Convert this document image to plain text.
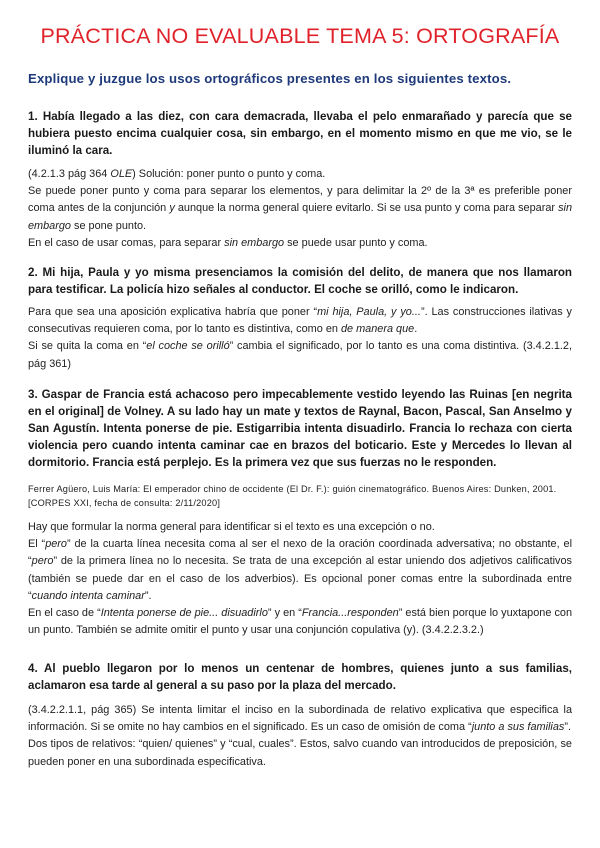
PRÁCTICA NO EVALUABLE TEMA 5: ORTOGRAFÍA
Explique y juzgue los usos ortográficos presentes en los siguientes textos.
1. Había llegado a las diez, con cara demacrada, llevaba el pelo enmarañado y parecía que se hubiera puesto encima cualquier cosa, sin embargo, en el momento mismo en que me vio, se le iluminó la cara.

(4.2.1.3 pág 364 OLE) Solución: poner punto o punto y coma.

Se puede poner punto y coma para separar los elementos, y para delimitar la 2º de la 3ª es preferible poner coma antes de la conjunción y aunque la norma general quiere evitarlo. Si se usa punto y coma para separar sin embargo se pone punto.

En el caso de usar comas, para separar sin embargo se puede usar punto y coma.

2. Mi hija, Paula y yo misma presenciamos la comisión del delito, de manera que nos llamaron para testificar. La policía hizo señales al conductor. El coche se orilló, como le indicaron.

Para que sea una aposición explicativa habría que poner “mi hija, Paula, y yo...”. Las construcciones ilativas y consecutivas requieren coma, por lo tanto es distintiva, como en de manera que.

Si se quita la coma en “el coche se orilló” cambia el significado, por lo tanto es una coma distintiva. (3.4.2.1.2, pág 361)

3. Gaspar de Francia está achacoso pero impecablemente vestido leyendo las Ruinas [en negrita en el original] de Volney. A su lado hay un mate y textos de Raynal, Bacon, Pascal, San Anselmo y San Agustín. Intenta ponerse de pie. Estigarribia intenta disuadirlo. Francia lo rechaza con cierta violencia pero cuando intenta caminar cae en brazos del boticario. Este y Mercedes lo llevan al dormitorio. Francia está perplejo. Es la primera vez que sus fuerzas no le responden.
Ferrer Agüero, Luis María: El emperador chino de occidente (El Dr. F.): guión cinematográfico. Buenos Aires: Dunken, 2001. [CORPES XXI, fecha de consulta: 2/11/2020]

Hay que formular la norma general para identificar si el texto es una excepción o no.

El “pero” de la cuarta línea necesita coma al ser el nexo de la oración coordinada adversativa; no obstante, el “pero” de la primera línea no lo necesita. Se trata de una excepción al estar uniendo dos adjetivos calificativos (también se puede dar en el caso de los adverbios). Es opcional poner comas entre la subordinada entre “cuando intenta caminar”.

En el caso de “Intenta ponerse de pie... disuadirlo” y en “Francia...responden” está bien porque lo yuxtapone con un punto. También se admite omitir el punto y usar una conjunción copulativa (y). (3.4.2.2.3.2.)

4. Al pueblo llegaron por lo menos un centenar de hombres, quienes junto a sus familias, aclamaron esa tarde al general a su paso por la plaza del mercado.

(3.4.2.2.1.1, pág 365) Se intenta limitar el inciso en la subordinada de relativo explicativa que especifica la información. Si se omite no hay cambios en el significado. Es un caso de omisión de coma “junto a sus familias”.

Dos tipos de relativos: “quien/ quienes” y “cual, cuales”. Estos, salvo cuando van introducidos de preposición, se pueden poner en una subordinada especificativa.
